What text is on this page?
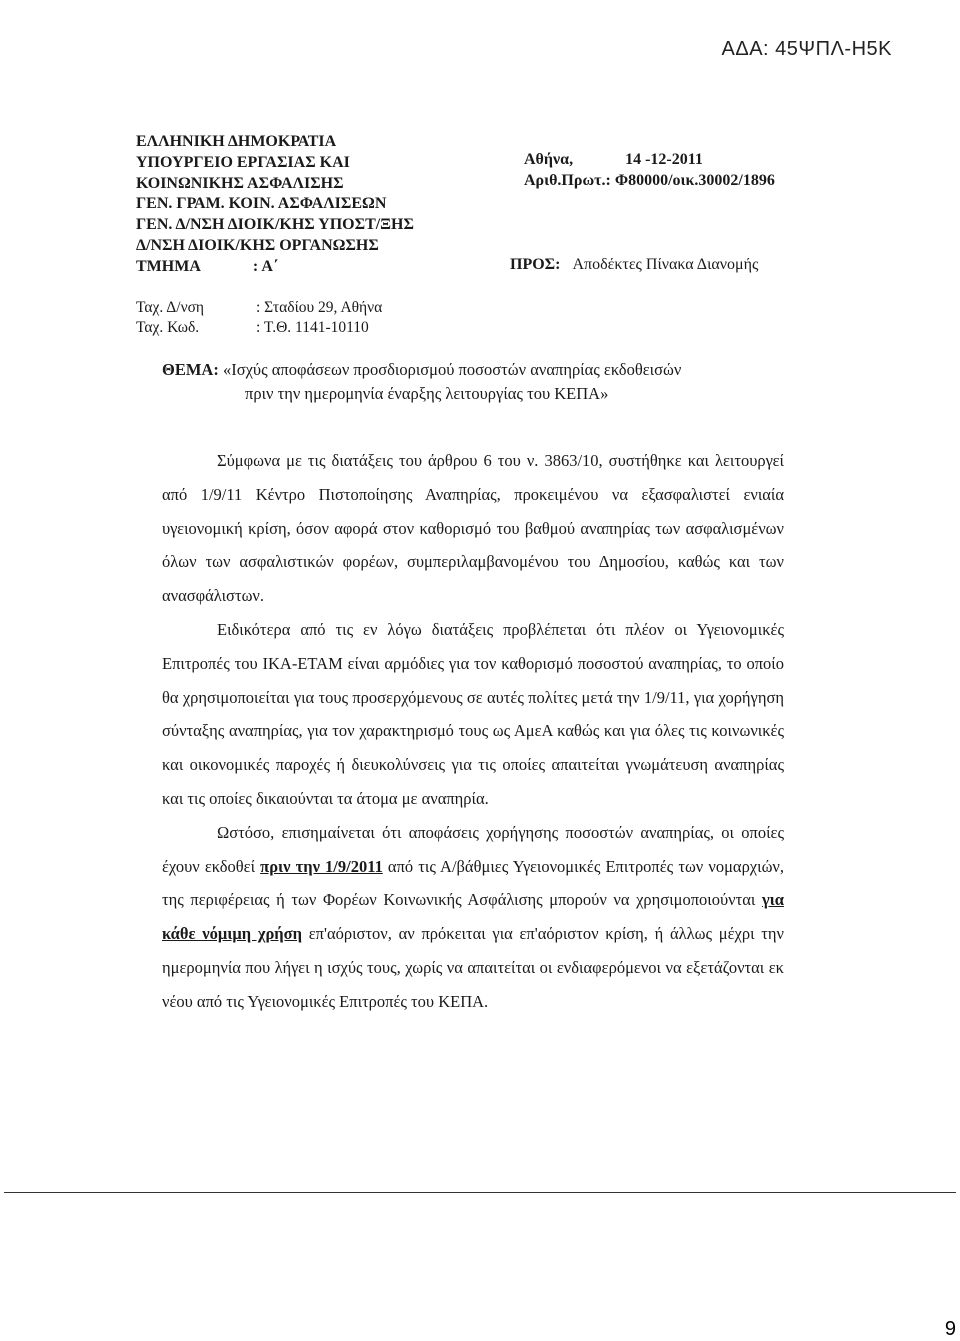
ΑΔΑ: 45ΨΠΛ-Η5Κ
ΕΛΛΗΝΙΚΗ ΔΗΜΟΚΡΑΤΙΑ
ΥΠΟΥΡΓΕΙΟ ΕΡΓΑΣΙΑΣ ΚΑΙ
ΚΟΙΝΩΝΙΚΗΣ ΑΣΦΑΛΙΣΗΣ
ΓΕΝ. ΓΡΑΜ. ΚΟΙΝ. ΑΣΦΑΛΙΣΕΩΝ
ΓΕΝ. Δ/ΝΣΗ ΔΙΟΙΚ/ΚΗΣ ΥΠΟΣΤ/ΞΗΣ
Δ/ΝΣΗ ΔΙΟΙΚ/ΚΗΣ ΟΡΓΑΝΩΣΗΣ
ΤΜΗΜΑ	: Α΄
Αθήνα,	14 -12-2011
Αριθ.Πρωτ.: Φ80000/οικ.30002/1896
ΠΡΟΣ: Αποδέκτες Πίνακα Διανομής
Ταχ. Δ/νση	: Σταδίου 29, Αθήνα
Ταχ. Κωδ.	: Τ.Θ. 1141-10110
ΘΕΜΑ: «Ισχύς αποφάσεων προσδιορισμού ποσοστών αναπηρίας εκδοθεισών
πριν την ημερομηνία έναρξης λειτουργίας του ΚΕΠΑ»

Σύμφωνα με τις διατάξεις του άρθρου 6 του ν. 3863/10, συστήθηκε και λειτουργεί από 1/9/11 Κέντρο Πιστοποίησης Αναπηρίας, προκειμένου να εξασφαλιστεί ενιαία υγειονομική κρίση, όσον αφορά στον καθορισμό του βαθμού αναπηρίας των ασφαλισμένων όλων των ασφαλιστικών φορέων, συμπεριλαμβανομένου του Δημοσίου, καθώς και των ανασφάλιστων.

Ειδικότερα από τις εν λόγω διατάξεις προβλέπεται ότι πλέον οι Υγειονομικές Επιτροπές του ΙΚΑ-ΕΤΑΜ είναι αρμόδιες για τον καθορισμό ποσοστού αναπηρίας, το οποίο θα χρησιμοποιείται για τους προσερχόμενους σε αυτές πολίτες μετά την 1/9/11, για χορήγηση σύνταξης αναπηρίας, για τον χαρακτηρισμό τους ως ΑμεΑ καθώς και για όλες τις κοινωνικές και οικονομικές παροχές ή διευκολύνσεις για τις οποίες απαιτείται γνωμάτευση αναπηρίας και τις οποίες δικαιούνται τα άτομα με αναπηρία.

Ωστόσο, επισημαίνεται ότι αποφάσεις χορήγησης ποσοστών αναπηρίας, οι οποίες έχουν εκδοθεί πριν την 1/9/2011 από τις Α/βάθμιες Υγειονομικές Επιτροπές των νομαρχιών, της περιφέρειας ή των Φορέων Κοινωνικής Ασφάλισης μπορούν να χρησιμοποιούνται για κάθε νόμιμη χρήση επ'αόριστον, αν πρόκειται για επ'αόριστον κρίση, ή άλλως μέχρι την ημερομηνία που λήγει η ισχύς τους, χωρίς να απαιτείται οι ενδιαφερόμενοι να εξετάζονται εκ νέου από τις Υγειονομικές Επιτροπές του ΚΕΠΑ.

9
